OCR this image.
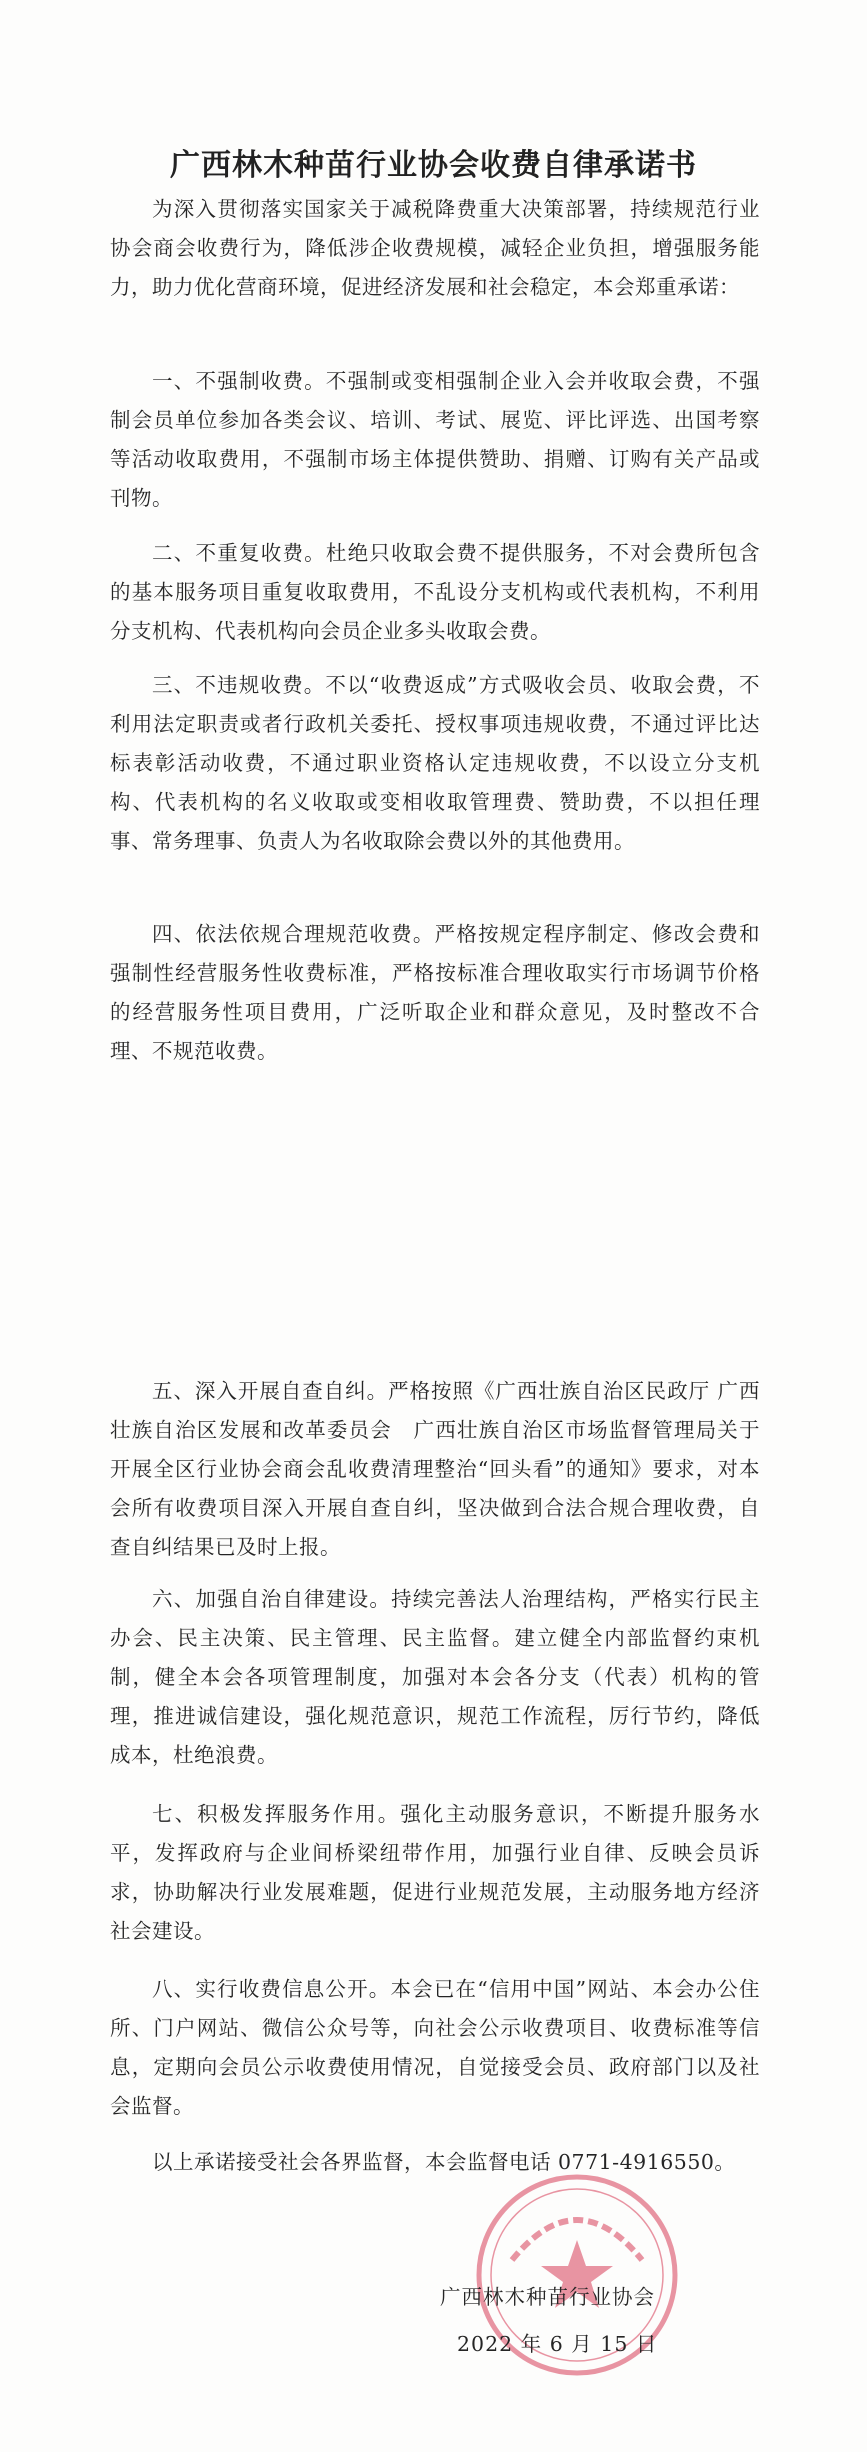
广西林木种苗行业协会收费自律承诺书

为深入贯彻落实国家关于减税降费重大决策部署，持续规范行业协会商会收费行为，降低涉企收费规模，减轻企业负担，增强服务能力，助力优化营商环境，促进经济发展和社会稳定，本会郑重承诺：

一、不强制收费。不强制或变相强制企业入会并收取会费，不强制会员单位参加各类会议、培训、考试、展览、评比评选、出国考察等活动收取费用，不强制市场主体提供赞助、捐赠、订购有关产品或刊物。

二、不重复收费。杜绝只收取会费不提供服务，不对会费所包含的基本服务项目重复收取费用，不乱设分支机构或代表机构，不利用分支机构、代表机构向会员企业多头收取会费。

三、不违规收费。不以“收费返成”方式吸收会员、收取会费，不利用法定职责或者行政机关委托、授权事项违规收费，不通过评比达标表彰活动收费，不通过职业资格认定违规收费，不以设立分支机构、代表机构的名义收取或变相收取管理费、赞助费，不以担任理事、常务理事、负责人为名收取除会费以外的其他费用。

四、依法依规合理规范收费。严格按规定程序制定、修改会费和强制性经营服务性收费标准，严格按标准合理收取实行市场调节价格的经营服务性项目费用，广泛听取企业和群众意见，及时整改不合理、不规范收费。

五、深入开展自查自纠。严格按照《广西壮族自治区民政厅 广西壮族自治区发展和改革委员会　广西壮族自治区市场监督管理局关于开展全区行业协会商会乱收费清理整治“回头看”的通知》要求，对本会所有收费项目深入开展自查自纠，坚决做到合法合规合理收费，自查自纠结果已及时上报。

六、加强自治自律建设。持续完善法人治理结构，严格实行民主办会、民主决策、民主管理、民主监督。建立健全内部监督约束机制，健全本会各项管理制度，加强对本会各分支（代表）机构的管理，推进诚信建设，强化规范意识，规范工作流程，厉行节约，降低成本，杜绝浪费。

七、积极发挥服务作用。强化主动服务意识，不断提升服务水平，发挥政府与企业间桥梁纽带作用，加强行业自律、反映会员诉求，协助解决行业发展难题，促进行业规范发展，主动服务地方经济社会建设。

八、实行收费信息公开。本会已在“信用中国”网站、本会办公住所、门户网站、微信公众号等，向社会公示收费项目、收费标准等信息，定期向会员公示收费使用情况，自觉接受会员、政府部门以及社会监督。

以上承诺接受社会各界监督，本会监督电话 0771-4916550。

广西林木种苗行业协会
2022 年 6 月 15 日
